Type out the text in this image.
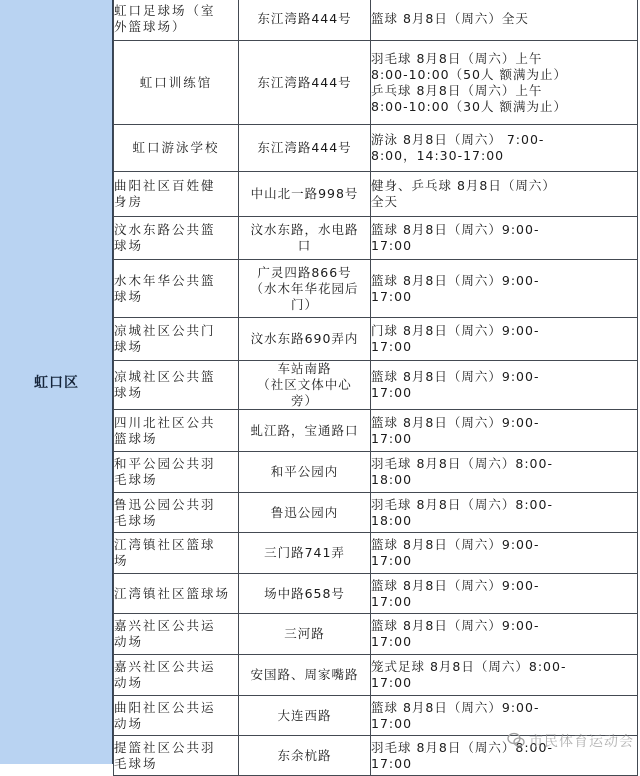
虹口区
虹口足球场（室
外篮球场）	东江湾路444号	篮球 8月8日（周六）全天

虹口训练馆	东江湾路444号	羽毛球 8月8日（周六）上午
8:00-10:00（50人 额满为止）
乒乓球 8月8日（周六）上午
8:00-10:00（30人 额满为止）

虹口游泳学校	东江湾路444号	游泳 8月8日（周六） 7:00-
8:00，14:30-17:00

曲阳社区百姓健
身房	中山北一路998号	健身、乒乓球 8月8日（周六）
全天

汶水东路公共篮
球场	汶水东路，水电路
口	篮球 8月8日（周六）9:00-
17:00

水木年华公共篮
球场	广灵四路866号
（水木年华花园后
门）	篮球 8月8日（周六）9:00-
17:00

凉城社区公共门
球场	汶水东路690弄内	门球 8月8日（周六）9:00-
17:00

凉城社区公共篮
球场	车站南路
（社区文体中心
旁）	篮球 8月8日（周六）9:00-
17:00

四川北社区公共
篮球场	虬江路，宝通路口	篮球 8月8日（周六）9:00-
17:00

和平公园公共羽
毛球场	和平公园内	羽毛球 8月8日（周六）8:00-
18:00

鲁迅公园公共羽
毛球场	鲁迅公园内	羽毛球 8月8日（周六）8:00-
18:00

江湾镇社区篮球
场	三门路741弄	篮球 8月8日（周六）9:00-
17:00

江湾镇社区篮球场	场中路658号	篮球 8月8日（周六）9:00-
17:00

嘉兴社区公共运
动场	三河路	篮球 8月8日（周六）9:00-
17:00

嘉兴社区公共运
动场	安国路、周家嘴路	笼式足球 8月8日（周六）8:00-
17:00

曲阳社区公共运
动场	大连西路	篮球 8月8日（周六）9:00-
17:00

提篮社区公共羽
毛球场	东余杭路	羽毛球 8月8日（周六）8:00-
17:00
市民体育运动会
